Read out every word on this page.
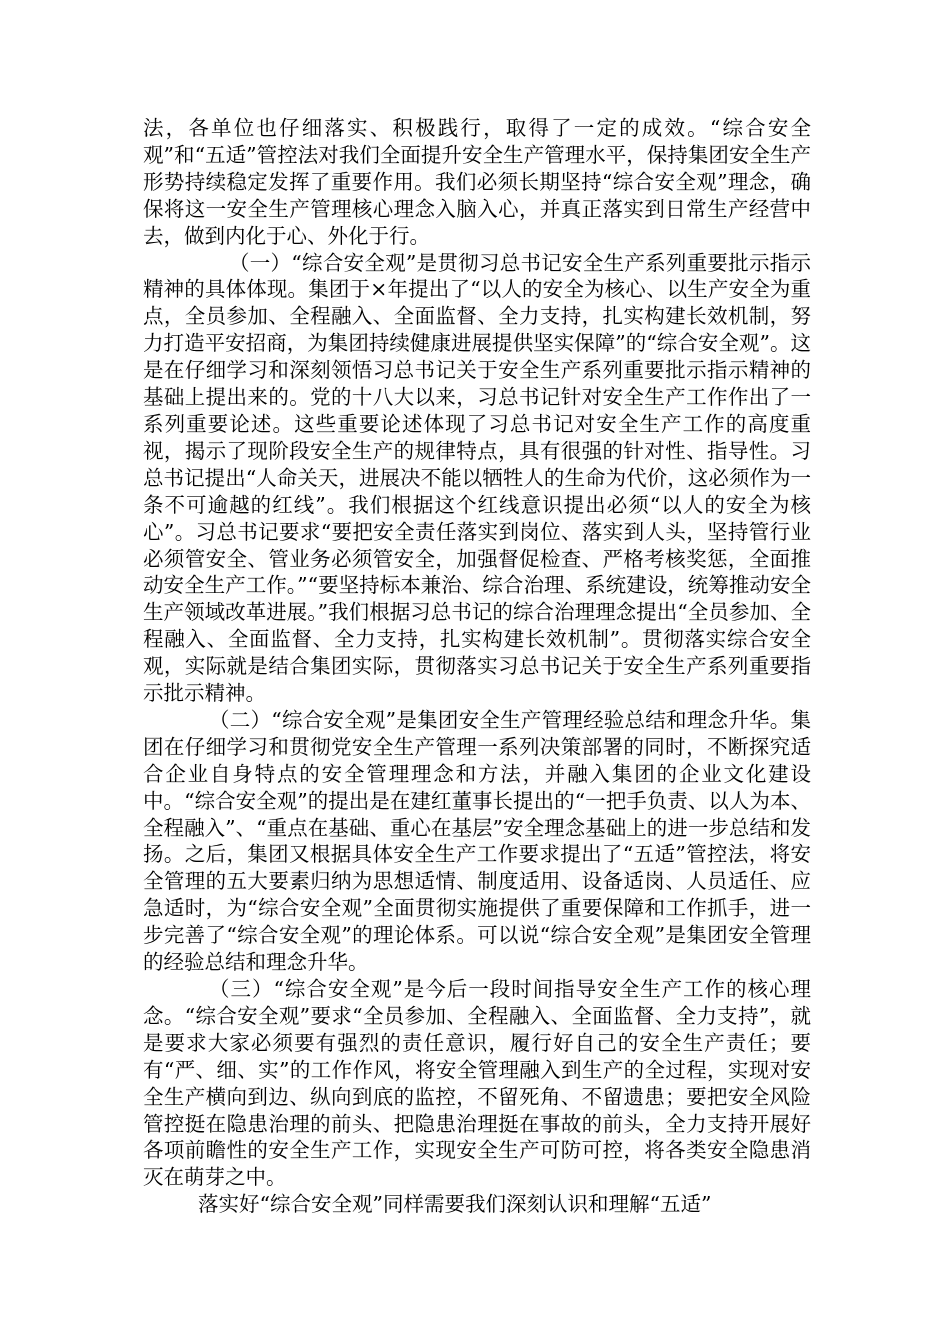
法，各单位也仔细落实、积极践行，取得了一定的成效。“综合安全观”和“五适”管控法对我们全面提升安全生产管理水平，保持集团安全生产形势持续稳定发挥了重要作用。我们必须长期坚持“综合安全观”理念，确保将这一安全生产管理核心理念入脑入心，并真正落实到日常生产经营中去，做到内化于心、外化于行。

（一）“综合安全观”是贯彻习总书记安全生产系列重要批示指示精神的具体体现。集团于×年提出了“以人的安全为核心、以生产安全为重点，全员参加、全程融入、全面监督、全力支持，扎实构建长效机制，努力打造平安招商，为集团持续健康进展提供坚实保障”的“综合安全观”。这是在仔细学习和深刻领悟习总书记关于安全生产系列重要批示指示精神的基础上提出来的。党的十八大以来，习总书记针对安全生产工作作出了一系列重要论述。这些重要论述体现了习总书记对安全生产工作的高度重视，揭示了现阶段安全生产的规律特点，具有很强的针对性、指导性。习总书记提出“人命关天，进展决不能以牺牲人的生命为代价，这必须作为一条不可逾越的红线”。我们根据这个红线意识提出必须“以人的安全为核心”。习总书记要求“要把安全责任落实到岗位、落实到人头，坚持管行业必须管安全、管业务必须管安全，加强督促检查、严格考核奖惩，全面推动安全生产工作。”“要坚持标本兼治、综合治理、系统建设，统筹推动安全生产领域改革进展。”我们根据习总书记的综合治理理念提出“全员参加、全程融入、全面监督、全力支持，扎实构建长效机制”。贯彻落实综合安全观，实际就是结合集团实际，贯彻落实习总书记关于安全生产系列重要指示批示精神。

（二）“综合安全观”是集团安全生产管理经验总结和理念升华。集团在仔细学习和贯彻党安全生产管理一系列决策部署的同时，不断探究适合企业自身特点的安全管理理念和方法，并融入集团的企业文化建设中。“综合安全观”的提出是在建红董事长提出的“一把手负责、以人为本、全程融入”、“重点在基础、重心在基层”安全理念基础上的进一步总结和发扬。之后，集团又根据具体安全生产工作要求提出了“五适”管控法，将安全管理的五大要素归纳为思想适情、制度适用、设备适岗、人员适任、应急适时，为“综合安全观”全面贯彻实施提供了重要保障和工作抓手，进一步完善了“综合安全观”的理论体系。可以说“综合安全观”是集团安全管理的经验总结和理念升华。

（三）“综合安全观”是今后一段时间指导安全生产工作的核心理念。“综合安全观”要求“全员参加、全程融入、全面监督、全力支持”，就是要求大家必须要有强烈的责任意识，履行好自己的安全生产责任；要有“严、细、实”的工作作风，将安全管理融入到生产的全过程，实现对安全生产横向到边、纵向到底的监控，不留死角、不留遗患；要把安全风险管控挺在隐患治理的前头、把隐患治理挺在事故的前头，全力支持开展好各项前瞻性的安全生产工作，实现安全生产可防可控，将各类安全隐患消灭在萌芽之中。

落实好“综合安全观”同样需要我们深刻认识和理解“五适”
